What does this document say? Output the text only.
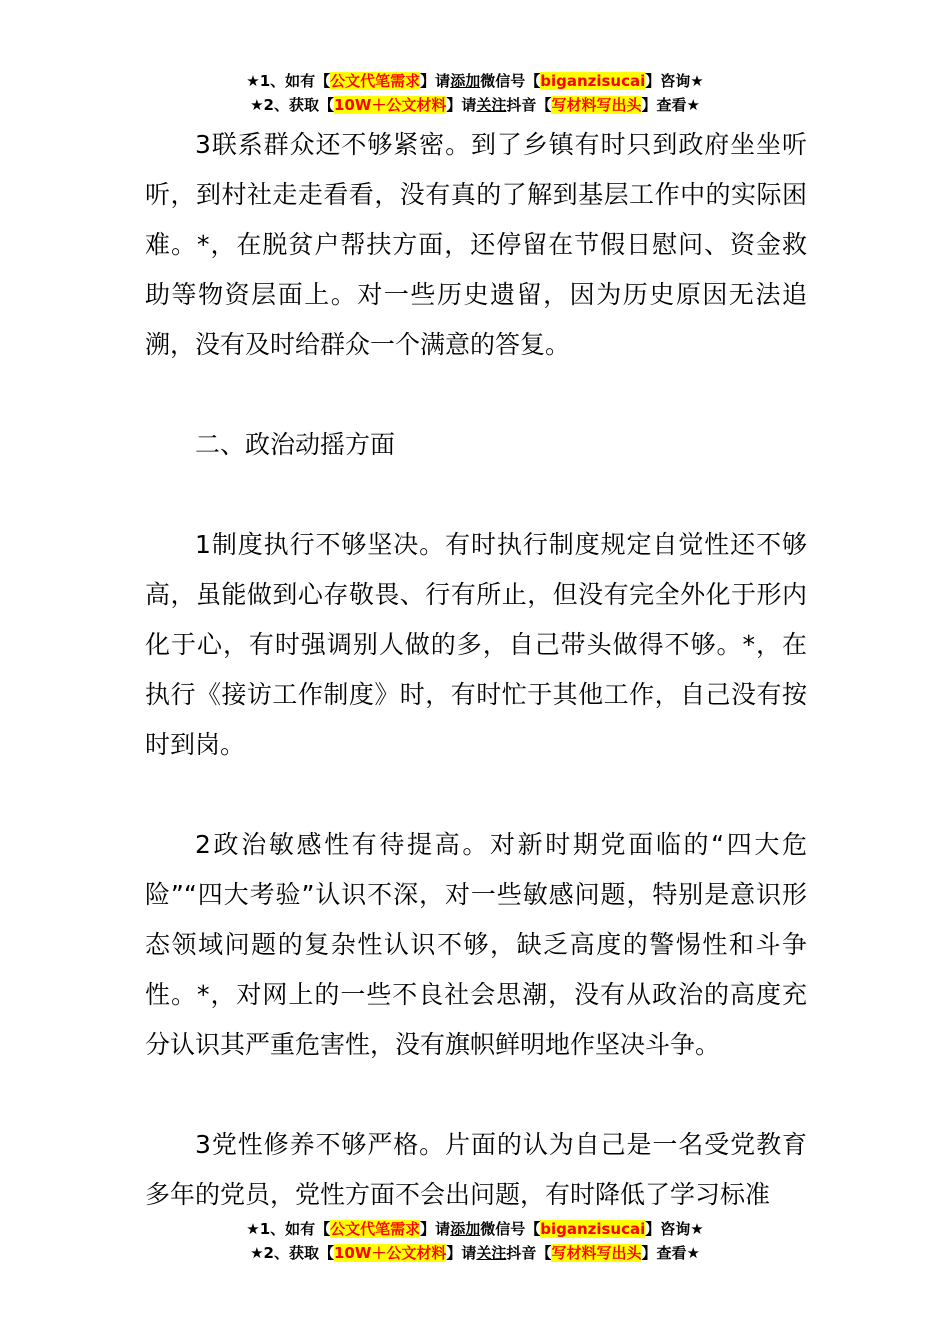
★1、如有【公文代笔需求】请添加微信号【biganzisucai】咨询★
★2、获取【10W＋公文材料】请关注抖音【写材料写出头】查看★

3联系群众还不够紧密。到了乡镇有时只到政府坐坐听听，到村社走走看看，没有真的了解到基层工作中的实际困难。*，在脱贫户帮扶方面，还停留在节假日慰问、资金救助等物资层面上。对一些历史遗留，因为历史原因无法追溯，没有及时给群众一个满意的答复。

二、政治动摇方面

1制度执行不够坚决。有时执行制度规定自觉性还不够高，虽能做到心存敬畏、行有所止，但没有完全外化于形内化于心，有时强调别人做的多，自己带头做得不够。*，在执行《接访工作制度》时，有时忙于其他工作，自己没有按时到岗。

2政治敏感性有待提高。对新时期党面临的“四大危险”“四大考验”认识不深，对一些敏感问题，特别是意识形态领域问题的复杂性认识不够，缺乏高度的警惕性和斗争性。*，对网上的一些不良社会思潮，没有从政治的高度充分认识其严重危害性，没有旗帜鲜明地作坚决斗争。

3党性修养不够严格。片面的认为自己是一名受党教育多年的党员，党性方面不会出问题，有时降低了学习标准

★1、如有【公文代笔需求】请添加微信号【biganzisucai】咨询★
★2、获取【10W＋公文材料】请关注抖音【写材料写出头】查看★
